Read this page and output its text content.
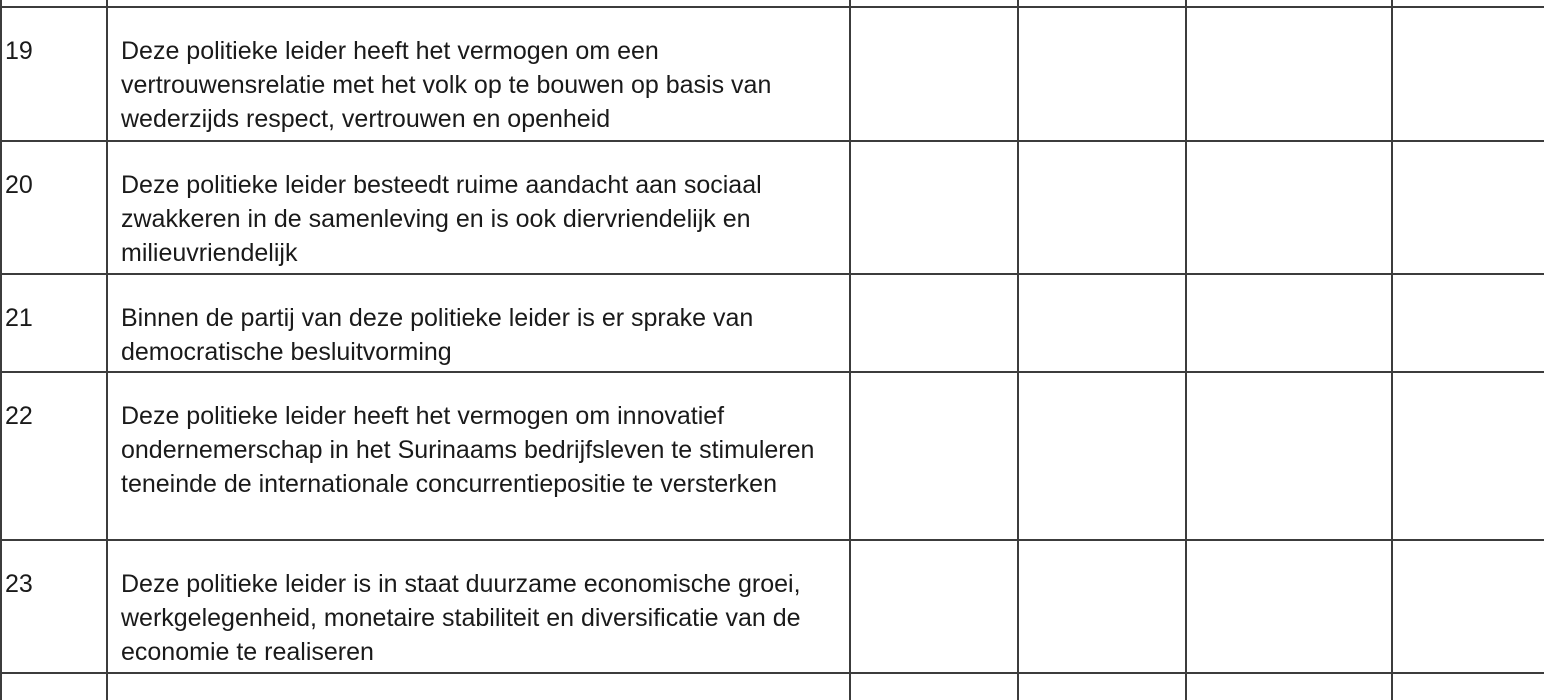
19	Deze politieke leider heeft het vermogen om een vertrouwensrelatie met het volk op te bouwen op basis van wederzijds respect, vertrouwen en openheid				
20	Deze politieke leider besteedt ruime aandacht aan sociaal zwakkeren in de samenleving en is ook diervriendelijk en milieuvriendelijk				
21	Binnen de partij van deze politieke leider is er sprake van democratische besluitvorming				
22	Deze politieke leider heeft het vermogen om innovatief ondernemerschap in het Surinaams bedrijfsleven te stimuleren teneinde de internationale concurrentiepositie te versterken				
23	Deze politieke leider is in staat duurzame economische groei, werkgelegenheid, monetaire stabiliteit en diversificatie van de economie te realiseren				
